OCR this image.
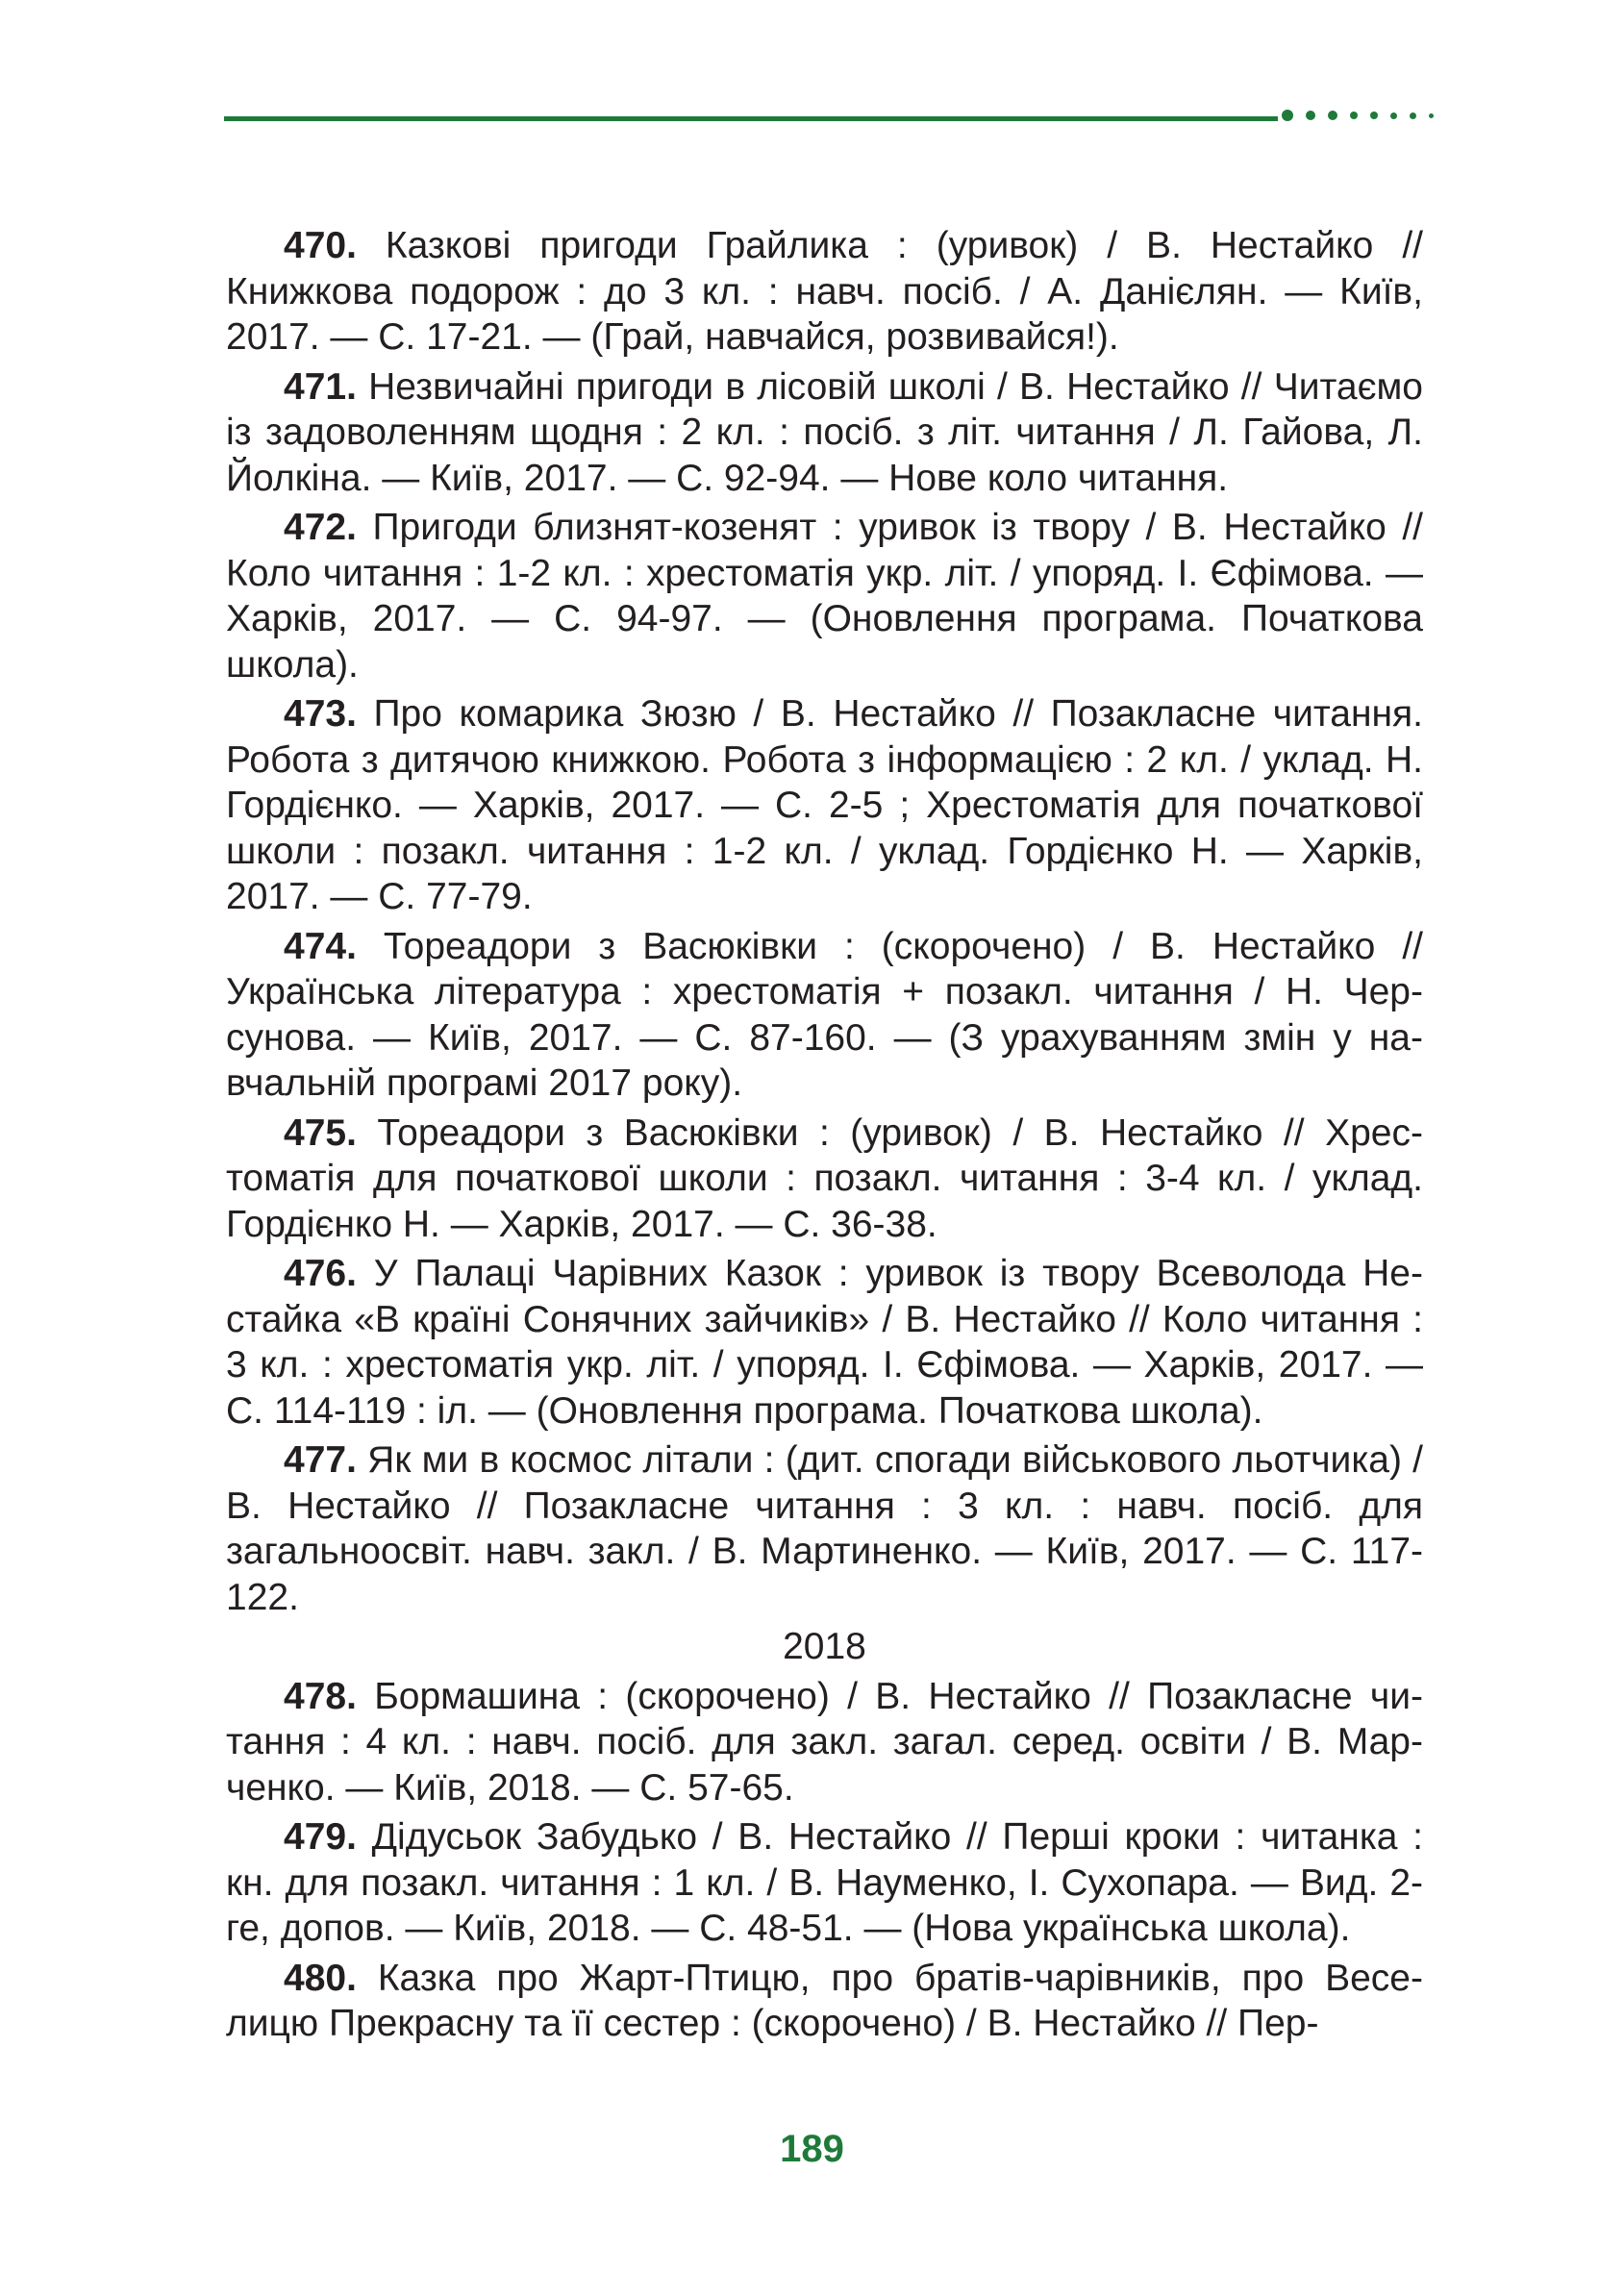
470. Казкові пригоди Грайлика : (уривок) / В. Нестайко // Книжкова подорож : до 3 кл. : навч. посіб. / А. Данієлян. — Київ, 2017. — С. 17-21. — (Грай, навчайся, розвивайся!).

471. Незвичайні пригоди в лісовій школі / В. Нестайко // Читаємо із задоволенням щодня : 2 кл. : посіб. з літ. читання / Л. Гайова, Л. Йолкіна. — Київ, 2017. — С. 92-94. — Нове коло читання.

472. Пригоди близнят-козенят : уривок із твору / В. Нестайко // Коло читання : 1-2 кл. : хрестоматія укр. літ. / упоряд. І. Єфімова. — Харків, 2017. — С. 94-97. — (Оновлення програма. Початкова школа).

473. Про комарика Зюзю / В. Нестайко // Позакласне читання. Робота з дитячою книжкою. Робота з інформацією : 2 кл. / уклад. Н. Гордієнко. — Харків, 2017. — С. 2-5 ; Хрестоматія для початкової школи : позакл. читання : 1-2 кл. / уклад. Гордієнко Н. — Харків, 2017. — С. 77-79.

474. Тореадори з Васюківки : (скорочено) / В. Нестайко // Українська література : хрестоматія + позакл. читання / Н. Черсунова. — Київ, 2017. — С. 87-160. — (З урахуванням змін у навчальній програмі 2017 року).

475. Тореадори з Васюківки : (уривок) / В. Нестайко // Хрестоматія для початкової школи : позакл. читання : 3-4 кл. / уклад. Гордієнко Н. — Харків, 2017. — С. 36-38.

476. У Палаці Чарівних Казок : уривок із твору Всеволода Нестайка «В країні Сонячних зайчиків» / В. Нестайко // Коло читання : 3 кл. : хрестоматія укр. літ. / упоряд. І. Єфімова. — Харків, 2017. — С. 114-119 : іл. — (Оновлення програма. Початкова школа).

477. Як ми в космос літали : (дит. спогади військового льотчика) / В. Нестайко // Позакласне читання : 3 кл. : навч. посіб. для загальноосвіт. навч. закл. / В. Мартиненко. — Київ, 2017. — С. 117-122.

2018

478. Бормашина : (скорочено) / В. Нестайко // Позакласне читання : 4 кл. : навч. посіб. для закл. загал. серед. освіти / В. Марченко. — Київ, 2018. — С. 57-65.

479. Дідусьок Забудько / В. Нестайко // Перші кроки : читанка : кн. для позакл. читання : 1 кл. / В. Науменко, І. Сухопара. — Вид. 2-ге, допов. — Київ, 2018. — С. 48-51. — (Нова українська школа).

480. Казка про Жарт-Птицю, про братів-чарівників, про Веселицю Прекрасну та її сестер : (скорочено) / В. Нестайко // Пер-

189
